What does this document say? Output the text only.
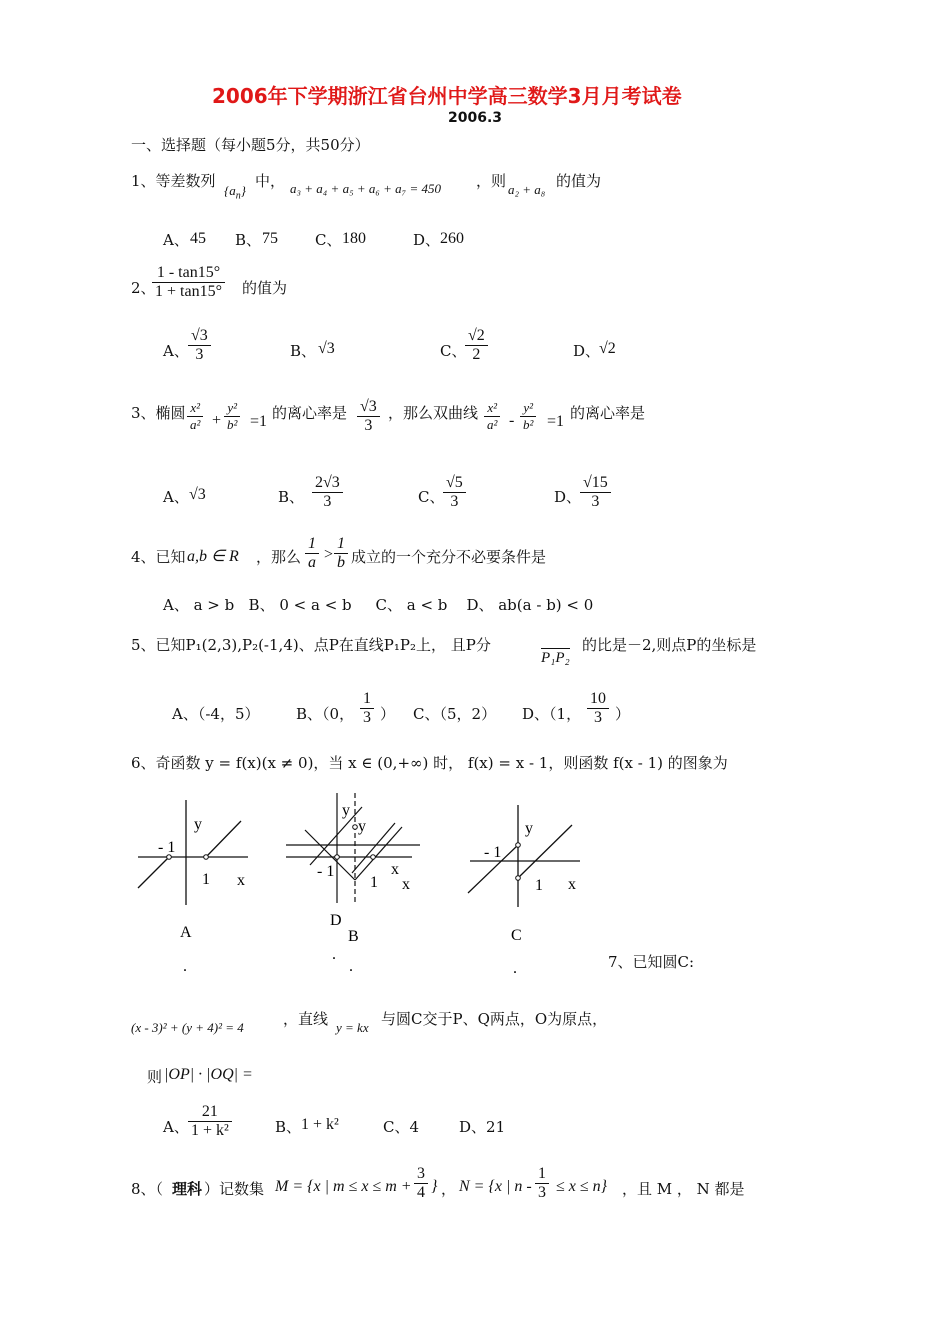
2006年下学期浙江省台州中学高三数学3月月考试卷
2006.3
一、选择题（每小题5分，共50分）
1、等差数列
$\{a_n\}$
中， a₃ + a₄ + a₅ + a₆ + a₇ = 450 ，则 a₂ + a₈ 的值为
A、 45 B、 75 C、 180	D、 260
2、
$\frac{1 - \tan 15^\circ}{1 + \tan 15^\circ}$ 的值为
A、 $\frac{√3}{3}$	B、 √3	C、
$\frac{√2}{2}$	D、
√2
3、椭圆 $\frac{\text{x²}}{\text{a²}} + \frac{\text{y²}}{\text{b²}} =1$ 的离心率是 $\frac{√3}{3}$ ，那么双曲线 $\frac{\text{x²}}{\text{a²}} - \frac{\text{y²}}{\text{b²}} =1$ 的离心率是
A、 √3	B、 $\frac{2√3}{3}$	C、
$\frac{√5}{3}$	D、
$\frac{√15}{3}$
4、已知 a,b ∈ R ，那么 $\frac{1}{a} > \frac{1}{b}$ 成立的一个充分不必要条件是
A、 a > b   B、 0 < a < b     C、 a < b    D、 ab(a - b) < 0
5、已知P₁(2,3),P₂(-1,4)、点P在直线P₁P₂上， 且P分
P₁P₂
的比是－2,则点P的坐标是
A、（-4，5） B、（0， $\frac{1}{3}$ ） C、（5，2） D、（1， $\frac{10}{3}$ ）
6、奇函数 y = f(x)(x ≠ 0)，当 x ∈ (0,+∞) 时， f(x) = x - 1，则函数 f(x - 1) 的图象为
y
x
- 1
1
A
.
y
y
x
x
- 1
1
D
B
.
.
y
x
- 1
1
C
.	7、已知圆C:
(x - 3)² + (y + 4)² = 4	，直线 y = kx 与圆C交于P、Q两点，O为原点，
则 |OP| · |OQ| =
A、 $\frac{21}{\text{1 + k²}}$	B、 1 + k²	C、4	D、21
8、（ 理科 ）记数集 M = {x | $m \le x \le m + \frac{3}{4}$ } ， N = {x | $n - \frac{1}{3} \le x \le n$} ，且 M ， N 都是
